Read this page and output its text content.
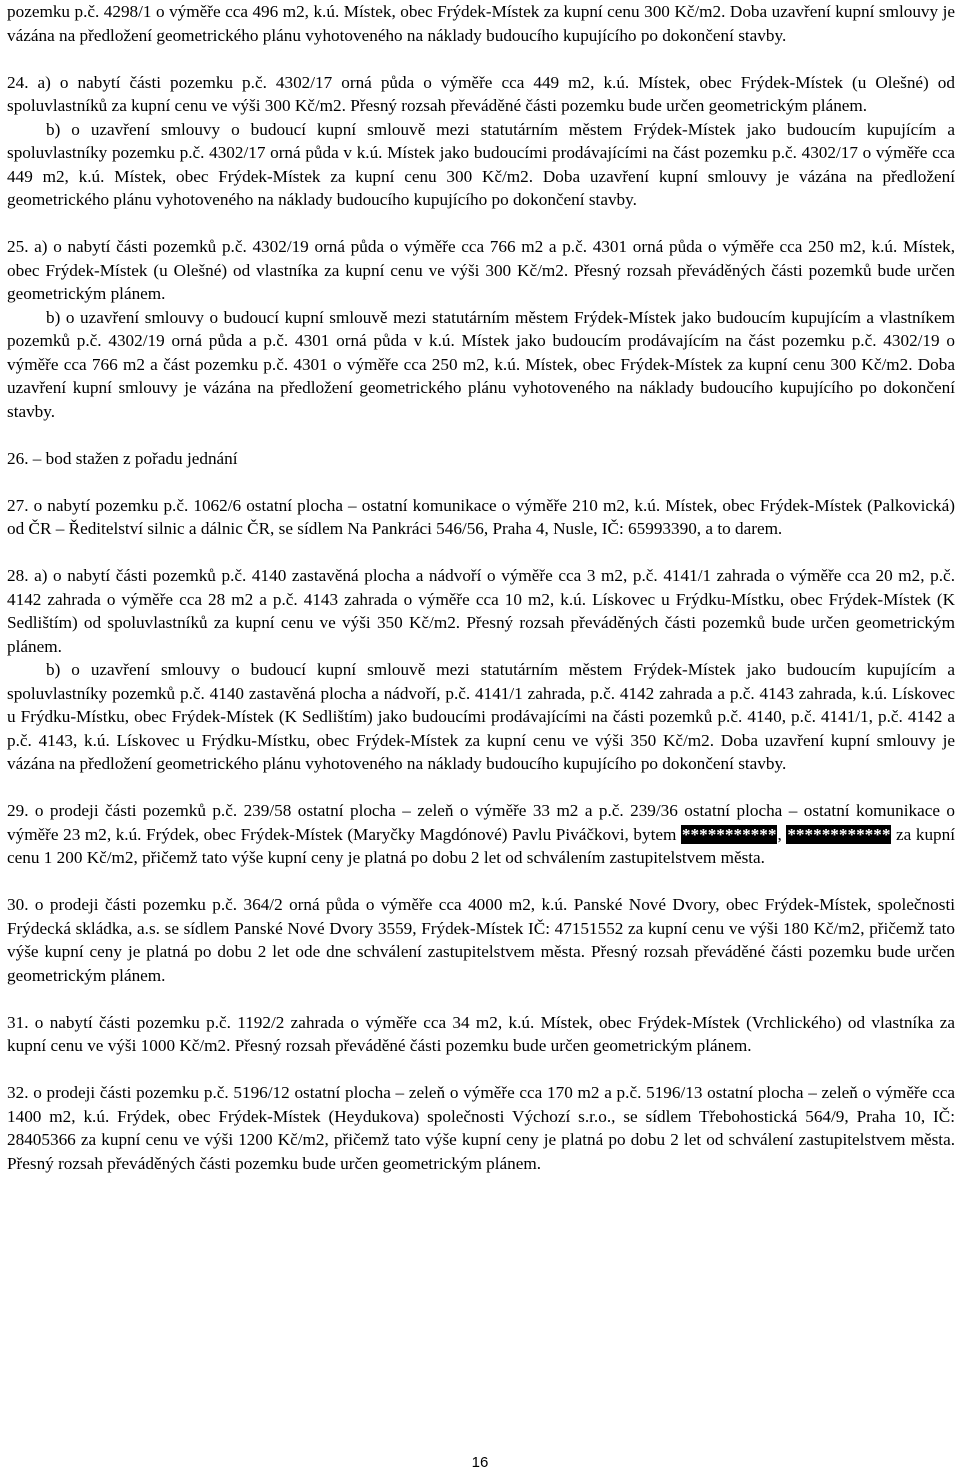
pozemku p.č. 4298/1 o výměře cca 496 m2, k.ú. Místek, obec Frýdek-Místek za kupní cenu 300 Kč/m2. Doba uzavření kupní smlouvy je vázána na předložení geometrického plánu vyhotoveného na náklady budoucího kupujícího po dokončení stavby.

24. a) o nabytí části pozemku p.č. 4302/17 orná půda o výměře cca 449 m2, k.ú. Místek, obec Frýdek-Místek (u Olešné) od spoluvlastníků za kupní cenu ve výši 300 Kč/m2. Přesný rozsah převáděné části pozemku bude určen geometrickým plánem.

b) o uzavření smlouvy o budoucí kupní smlouvě mezi statutárním městem Frýdek-Místek jako budoucím kupujícím a spoluvlastníky pozemku p.č. 4302/17 orná půda v k.ú. Místek jako budoucími prodávajícími na část pozemku p.č. 4302/17 o výměře cca 449 m2, k.ú. Místek, obec Frýdek-Místek za kupní cenu 300 Kč/m2. Doba uzavření kupní smlouvy je vázána na předložení geometrického plánu vyhotoveného na náklady budoucího kupujícího po dokončení stavby.

25. a) o nabytí části pozemků p.č. 4302/19 orná půda o výměře cca 766 m2 a p.č. 4301 orná půda o výměře cca 250 m2, k.ú. Místek, obec Frýdek-Místek (u Olešné) od vlastníka za kupní cenu ve výši 300 Kč/m2. Přesný rozsah převáděných části pozemků bude určen geometrickým plánem.

b) o uzavření smlouvy o budoucí kupní smlouvě mezi statutárním městem Frýdek-Místek jako budoucím kupujícím a vlastníkem pozemků p.č. 4302/19 orná půda a p.č. 4301 orná půda v k.ú. Místek jako budoucím prodávajícím na část pozemku p.č. 4302/19 o výměře cca 766 m2 a část pozemku p.č. 4301 o výměře cca 250 m2, k.ú. Místek, obec Frýdek-Místek za kupní cenu 300 Kč/m2. Doba uzavření kupní smlouvy je vázána na předložení geometrického plánu vyhotoveného na náklady budoucího kupujícího po dokončení stavby.

26. – bod stažen z pořadu jednání

27. o nabytí pozemku p.č. 1062/6 ostatní plocha – ostatní komunikace o výměře 210 m2, k.ú. Místek, obec Frýdek-Místek (Palkovická) od ČR – Ředitelství silnic a dálnic ČR, se sídlem Na Pankráci 546/56, Praha 4, Nusle, IČ: 65993390, a to darem.

28. a) o nabytí části pozemků p.č. 4140 zastavěná plocha a nádvoří o výměře cca 3 m2, p.č. 4141/1 zahrada o výměře cca 20 m2, p.č. 4142 zahrada o výměře cca 28 m2 a p.č. 4143 zahrada o výměře cca 10 m2, k.ú. Lískovec u Frýdku-Místku, obec Frýdek-Místek (K Sedlištím) od spoluvlastníků za kupní cenu ve výši 350 Kč/m2. Přesný rozsah převáděných části pozemků bude určen geometrickým plánem.

b) o uzavření smlouvy o budoucí kupní smlouvě mezi statutárním městem Frýdek-Místek jako budoucím kupujícím a spoluvlastníky pozemků p.č. 4140 zastavěná plocha a nádvoří, p.č. 4141/1 zahrada, p.č. 4142 zahrada a p.č. 4143 zahrada, k.ú. Lískovec u Frýdku-Místku, obec Frýdek-Místek (K Sedlištím) jako budoucími prodávajícími na části pozemků p.č. 4140, p.č. 4141/1, p.č. 4142 a p.č. 4143, k.ú. Lískovec u Frýdku-Místku, obec Frýdek-Místek za kupní cenu ve výši 350 Kč/m2. Doba uzavření kupní smlouvy je vázána na předložení geometrického plánu vyhotoveného na náklady budoucího kupujícího po dokončení stavby.

29. o prodeji části pozemků p.č. 239/58 ostatní plocha – zeleň o výměře 33 m2 a p.č. 239/36 ostatní plocha – ostatní komunikace o výměře 23 m2, k.ú. Frýdek, obec Frýdek-Místek (Maryčky Magdónové) Pavlu Piváčkovi, bytem ***********, ************ za kupní cenu 1 200 Kč/m2, přičemž tato výše kupní ceny je platná po dobu 2 let od schválením zastupitelstvem města.

30. o prodeji části pozemku p.č. 364/2 orná půda o výměře cca 4000 m2, k.ú. Panské Nové Dvory, obec Frýdek-Místek, společnosti Frýdecká skládka, a.s. se sídlem Panské Nové Dvory 3559, Frýdek-Místek IČ: 47151552 za kupní cenu ve výši 180 Kč/m2, přičemž tato výše kupní ceny je platná po dobu 2 let ode dne schválení zastupitelstvem města. Přesný rozsah převáděné části pozemku bude určen geometrickým plánem.

31. o nabytí části pozemku p.č. 1192/2 zahrada o výměře cca 34 m2, k.ú. Místek, obec Frýdek-Místek (Vrchlického) od vlastníka za kupní cenu ve výši 1000 Kč/m2. Přesný rozsah převáděné části pozemku bude určen geometrickým plánem.

32. o prodeji části pozemku p.č. 5196/12 ostatní plocha – zeleň o výměře cca 170 m2 a p.č. 5196/13 ostatní plocha – zeleň o výměře cca 1400 m2, k.ú. Frýdek, obec Frýdek-Místek (Heydukova) společnosti Výchozí s.r.o., se sídlem Třebohostická 564/9, Praha 10, IČ: 28405366 za kupní cenu ve výši 1200 Kč/m2, přičemž tato výše kupní ceny je platná po dobu 2 let od schválení zastupitelstvem města. Přesný rozsah převáděných části pozemku bude určen geometrickým plánem.

16
